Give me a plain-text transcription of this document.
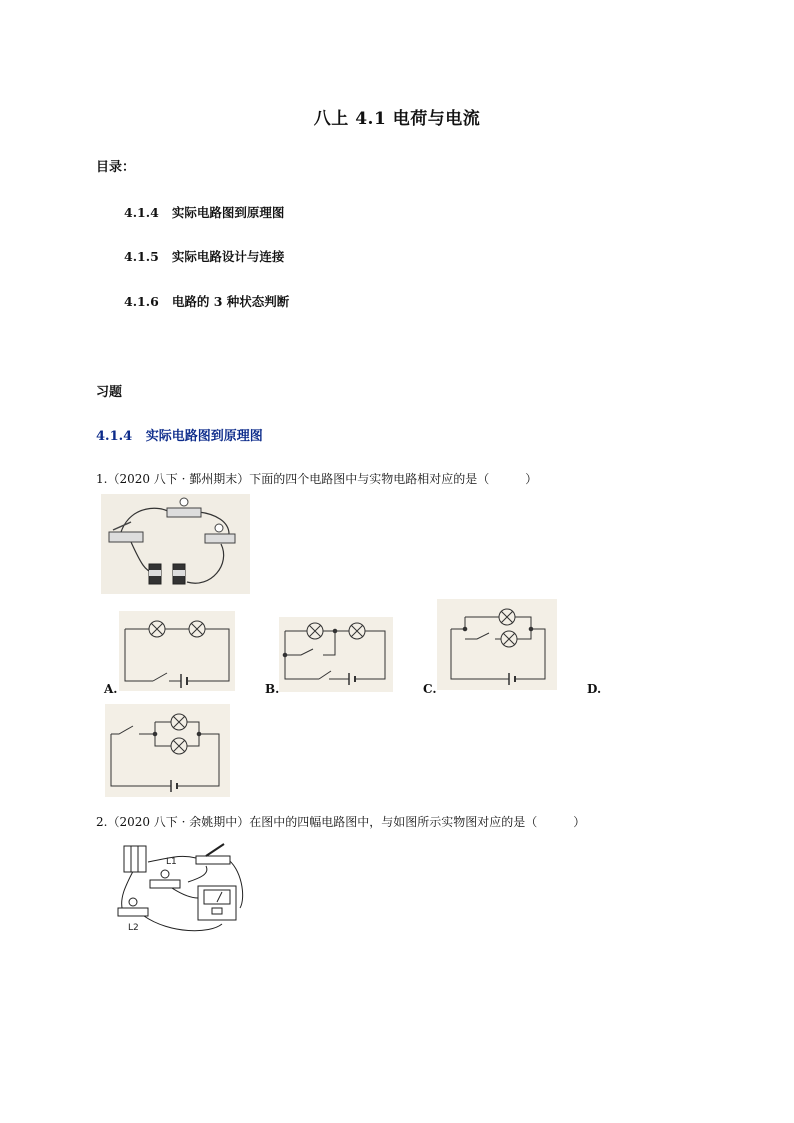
八上 4.1 电荷与电流
目录：
4.1.4 实际电路图到原理图
4.1.5 实际电路设计与连接
4.1.6 电路的 3 种状态判断
习题
4.1.4 实际电路图到原理图
1.（2020 八下 · 鄞州期末）下面的四个电路图中与实物电路相对应的是（　　　）
A.	B.	C.	D.
2.（2020 八下 · 余姚期中）在图中的四幅电路图中，与如图所示实物图对应的是（　　　）
L1
L2
